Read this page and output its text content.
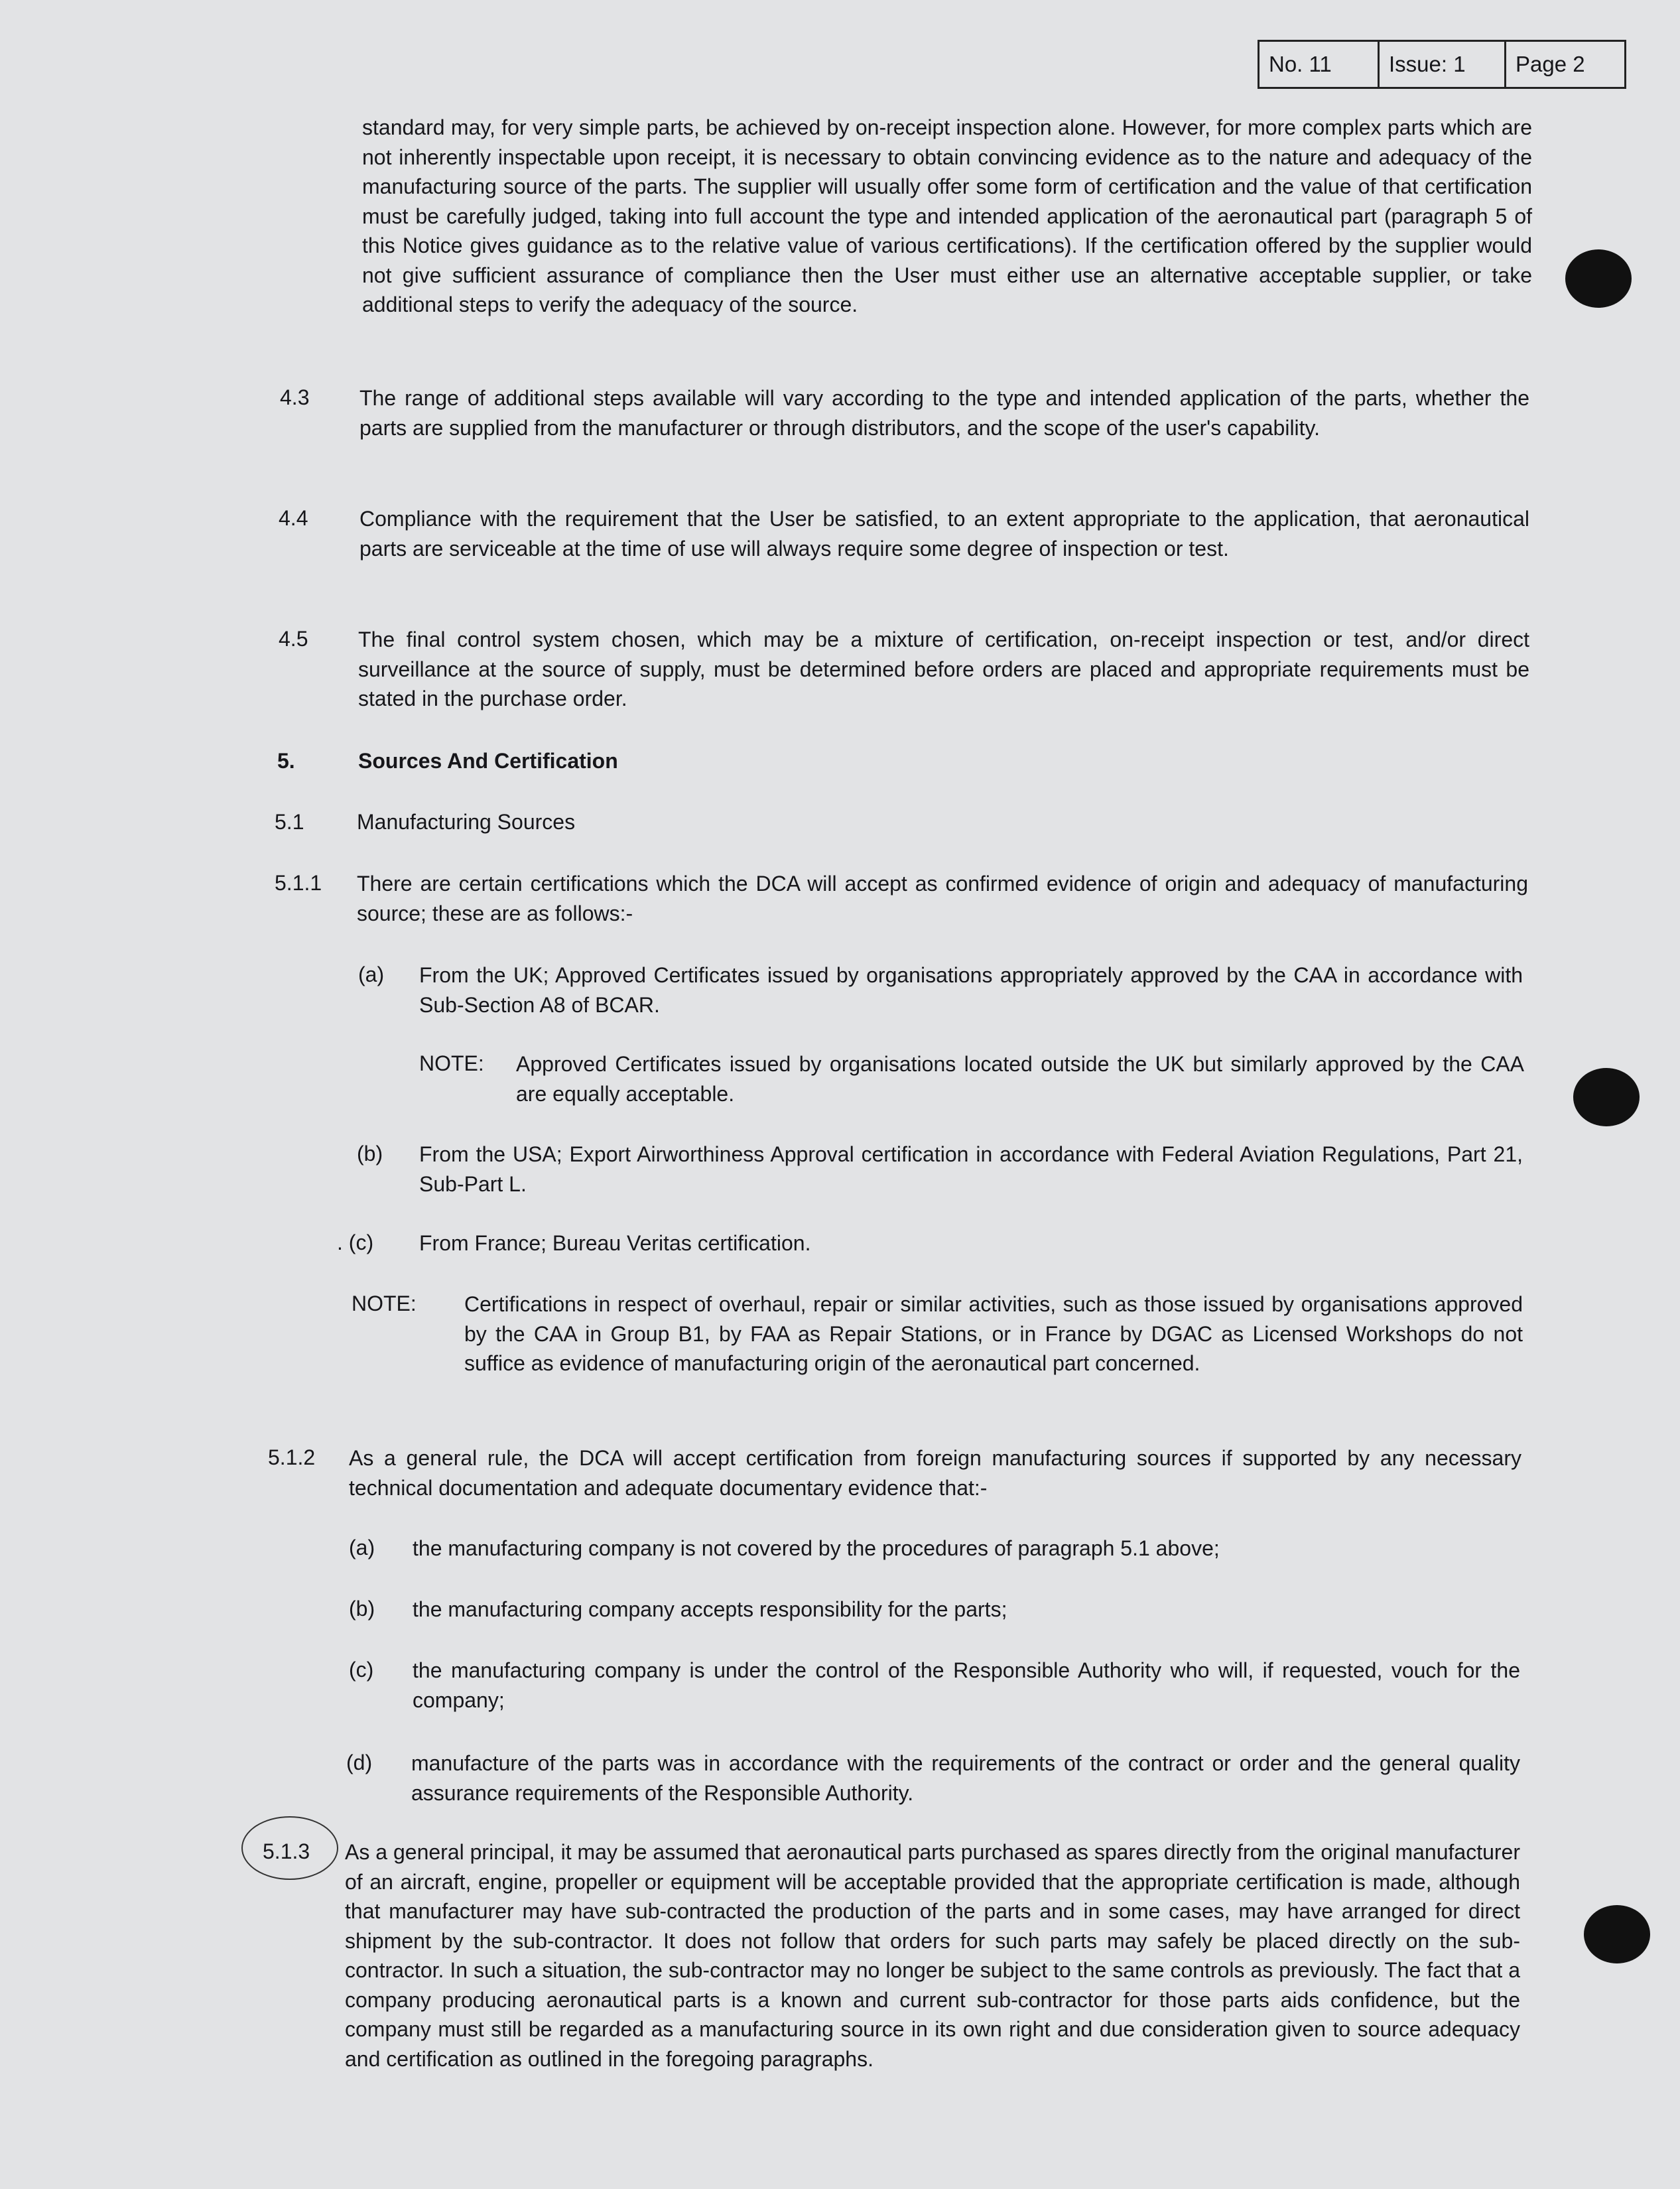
No. 11	Issue: 1	Page 2
standard may, for very simple parts, be achieved by on-receipt inspection alone. However, for more complex parts which are not inherently inspectable upon receipt, it is necessary to obtain convincing evidence as to the nature and adequacy of the manufacturing source of the parts. The supplier will usually offer some form of certification and the value of that certification must be carefully judged, taking into full account the type and intended application of the aeronautical part (paragraph 5 of this Notice gives guidance as to the relative value of various certifications). If the certification offered by the supplier would not give sufficient assurance of compliance then the User must either use an alternative acceptable supplier, or take additional steps to verify the adequacy of the source.
4.3 The range of additional steps available will vary according to the type and intended application of the parts, whether the parts are supplied from the manufacturer or through distributors, and the scope of the user's capability.
4.4 Compliance with the requirement that the User be satisfied, to an extent appropriate to the application, that aeronautical parts are serviceable at the time of use will always require some degree of inspection or test.
4.5 The final control system chosen, which may be a mixture of certification, on-receipt inspection or test, and/or direct surveillance at the source of supply, must be determined before orders are placed and appropriate requirements must be stated in the purchase order.
5.	Sources And Certification
5.1 Manufacturing Sources
5.1.1 There are certain certifications which the DCA will accept as confirmed evidence of origin and adequacy of manufacturing source; these are as follows:-
(a) From the UK; Approved Certificates issued by organisations appropriately approved by the CAA in accordance with Sub-Section A8 of BCAR.
NOTE: Approved Certificates issued by organisations located outside the UK but similarly approved by the CAA are equally acceptable.
(b) From the USA; Export Airworthiness Approval certification in accordance with Federal Aviation Regulations, Part 21, Sub-Part L.
. (c) From France; Bureau Veritas certification.
NOTE: Certifications in respect of overhaul, repair or similar activities, such as those issued by organisations approved by the CAA in Group B1, by FAA as Repair Stations, or in France by DGAC as Licensed Workshops do not suffice as evidence of manufacturing origin of the aeronautical part concerned.
5.1.2 As a general rule, the DCA will accept certification from foreign manufacturing sources if supported by any necessary technical documentation and adequate documentary evidence that:-
(a) the manufacturing company is not covered by the procedures of paragraph 5.1 above;
(b) the manufacturing company accepts responsibility for the parts;
(c) the manufacturing company is under the control of the Responsible Authority who will, if requested, vouch for the company;
(d) manufacture of the parts was in accordance with the requirements of the contract or order and the general quality assurance requirements of the Responsible Authority.
5.1.3 As a general principal, it may be assumed that aeronautical parts purchased as spares directly from the original manufacturer of an aircraft, engine, propeller or equipment will be acceptable provided that the appropriate certification is made, although that manufacturer may have sub-contracted the production of the parts and in some cases, may have arranged for direct shipment by the sub-contractor. It does not follow that orders for such parts may safely be placed directly on the sub-contractor. In such a situation, the sub-contractor may no longer be subject to the same controls as previously. The fact that a company producing aeronautical parts is a known and current sub-contractor for those parts aids confidence, but the company must still be regarded as a manufacturing source in its own right and due consideration given to source adequacy and certification as outlined in the foregoing paragraphs.
